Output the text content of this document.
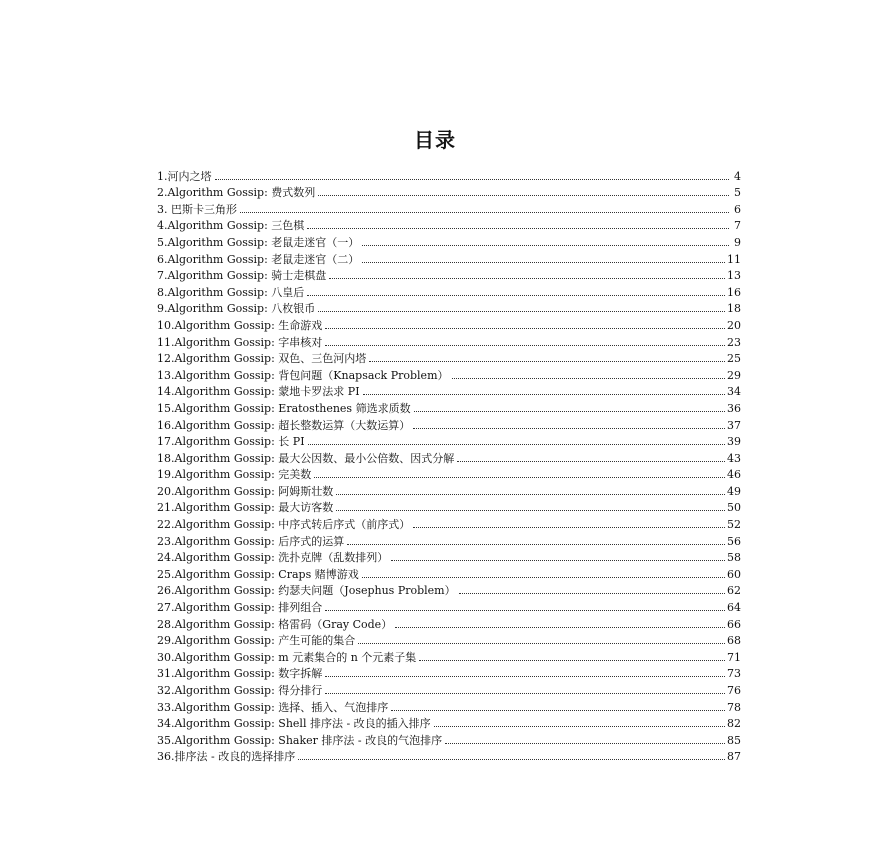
目录
1.河内之塔	4
2.Algorithm Gossip: 费式数列	5
3. 巴斯卡三角形	6
4.Algorithm Gossip: 三色棋	7
5.Algorithm Gossip: 老鼠走迷官（一）	9
6.Algorithm Gossip: 老鼠走迷官（二）	11
7.Algorithm Gossip: 骑士走棋盘	13
8.Algorithm Gossip: 八皇后	16
9.Algorithm Gossip: 八枚银币	18
10.Algorithm Gossip: 生命游戏	20
11.Algorithm Gossip: 字串核对	23
12.Algorithm Gossip: 双色、三色河内塔	25
13.Algorithm Gossip: 背包问题（Knapsack Problem）	29
14.Algorithm Gossip: 蒙地卡罗法求 PI	34
15.Algorithm Gossip: Eratosthenes 筛选求质数	36
16.Algorithm Gossip: 超长整数运算（大数运算）	37
17.Algorithm Gossip: 长 PI	39
18.Algorithm Gossip: 最大公因数、最小公倍数、因式分解	43
19.Algorithm Gossip: 完美数	46
20.Algorithm Gossip: 阿姆斯壮数	49
21.Algorithm Gossip: 最大访客数	50
22.Algorithm Gossip: 中序式转后序式（前序式）	52
23.Algorithm Gossip: 后序式的运算	56
24.Algorithm Gossip: 洗扑克牌（乱数排列）	58
25.Algorithm Gossip: Craps 赌博游戏	60
26.Algorithm Gossip: 约瑟夫问题（Josephus Problem）	62
27.Algorithm Gossip: 排列组合	64
28.Algorithm Gossip: 格雷码（Gray Code）	66
29.Algorithm Gossip: 产生可能的集合	68
30.Algorithm Gossip: m 元素集合的 n 个元素子集	71
31.Algorithm Gossip: 数字拆解	73
32.Algorithm Gossip: 得分排行	76
33.Algorithm Gossip: 选择、插入、气泡排序	78
34.Algorithm Gossip: Shell 排序法 - 改良的插入排序	82
35.Algorithm Gossip: Shaker 排序法 - 改良的气泡排序	85
36.排序法 - 改良的选择排序	87
